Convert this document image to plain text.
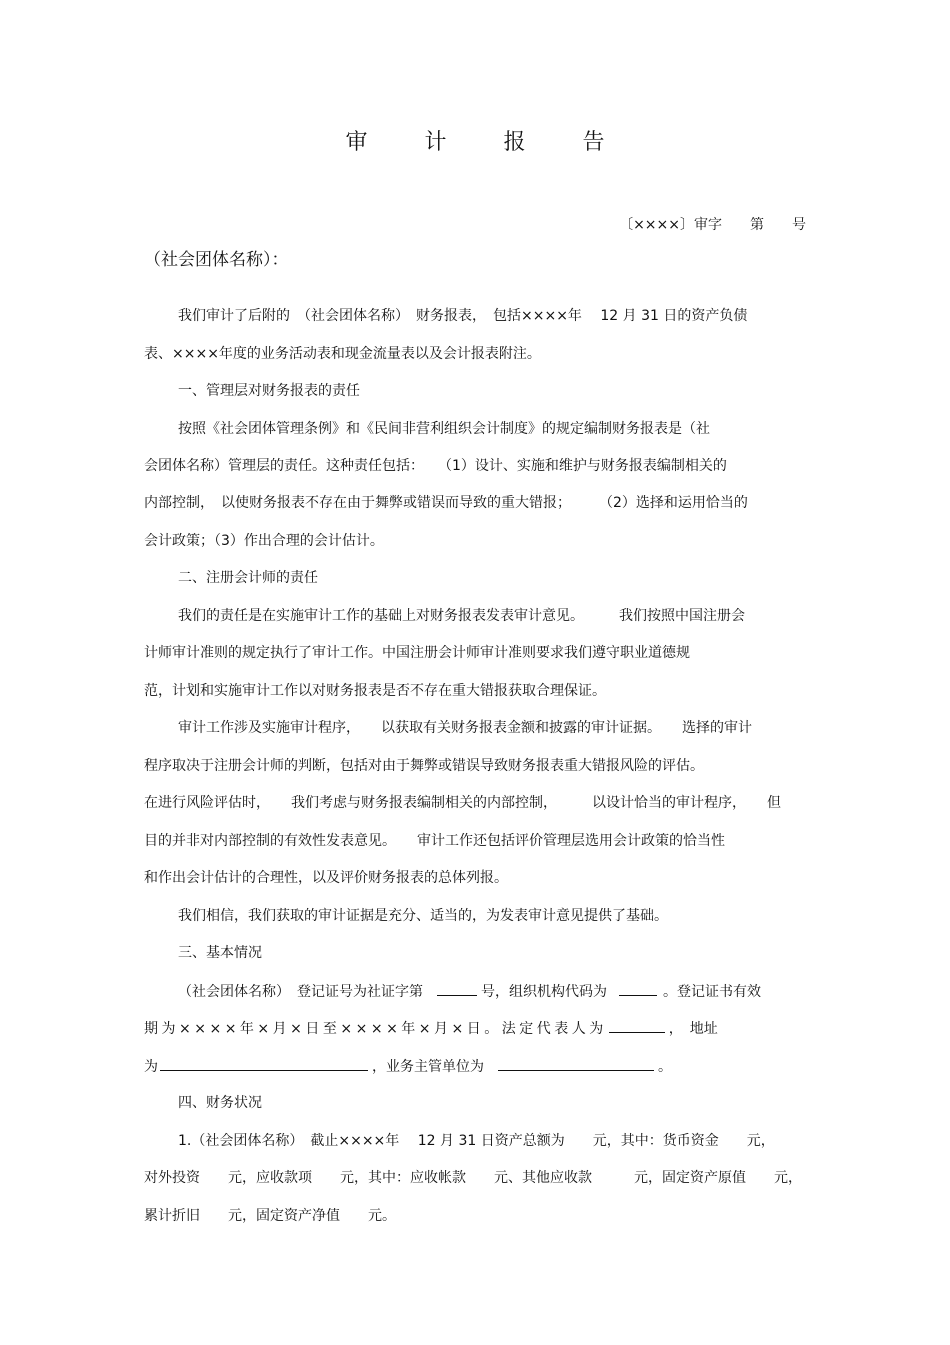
审 计 报 告
〔××××〕审字　　第　　号
（社会团体名称）：
我们审计了后附的　（社会团体名称）　财务报表，　包括××××年　 12 月 31 日的资产负债
表、××××年度的业务活动表和现金流量表以及会计报表附注。
一、管理层对财务报表的责任
按照《社会团体管理条例》和《民间非营利组织会计制度》的规定编制财务报表是（社
会团体名称）管理层的责任。这种责任包括：　　（1）设计、实施和维护与财务报表编制相关的
内部控制，　以使财务报表不存在由于舞弊或错误而导致的重大错报；　　　（2）选择和运用恰当的
会计政策；（3）作出合理的会计估计。
二、注册会计师的责任
我们的责任是在实施审计工作的基础上对财务报表发表审计意见。　　　我们按照中国注册会
计师审计准则的规定执行了审计工作。中国注册会计师审计准则要求我们遵守职业道德规
范，计划和实施审计工作以对财务报表是否不存在重大错报获取合理保证。
审计工作涉及实施审计程序，　　以获取有关财务报表金额和披露的审计证据。　　选择的审计
程序取决于注册会计师的判断，包括对由于舞弊或错误导致财务报表重大错报风险的评估。
在进行风险评估时，　　我们考虑与财务报表编制相关的内部控制，　　　以设计恰当的审计程序，　　但
目的并非对内部控制的有效性发表意见。　　审计工作还包括评价管理层选用会计政策的恰当性
和作出会计估计的合理性，以及评价财务报表的总体列报。
我们相信，我们获取的审计证据是充分、适当的，为发表审计意见提供了基础。
三、基本情况
（社会团体名称）　登记证号为社证字第	号，组织机构代码为	。登记证书有效
期为××××年×月×日至××××年×月×日。法定代表人为	，　地址
为	，业务主管单位为	。
四、财务状况
1.（社会团体名称）　截止××××年　 12 月 31 日资产总额为　　元，其中：货币资金　　元，
对外投资　　元，应收款项　　元，其中：应收帐款　　元、其他应收款　　　元，固定资产原值　　元，
累计折旧　　元，固定资产净值　　元。
